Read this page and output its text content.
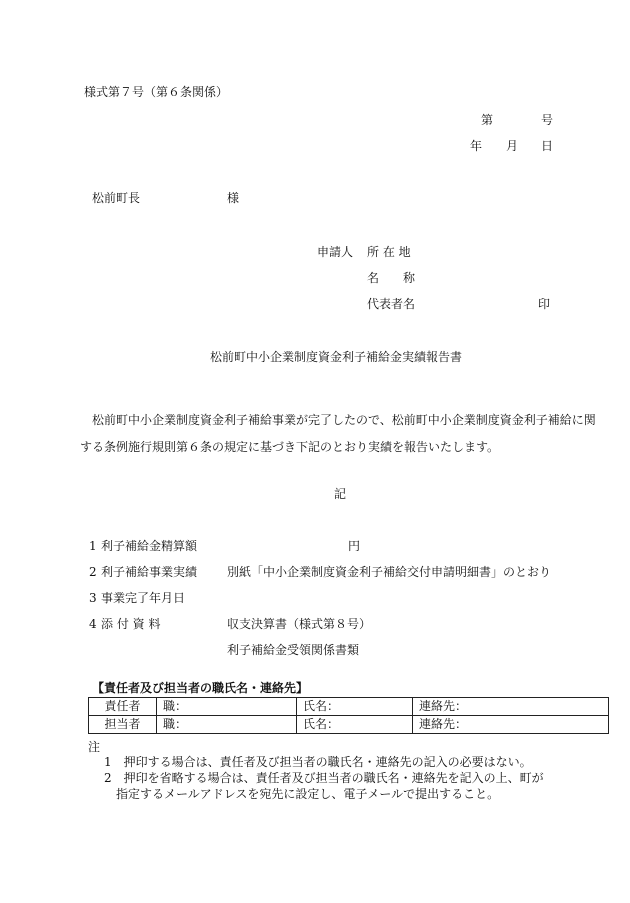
様式第７号（第６条関係）
第	号
年 月 日
松前町長	様
申請人 所 在 地
名　　称
代表者名	印
松前町中小企業制度資金利子補給金実績報告書
松前町中小企業制度資金利子補給事業が完了したので、松前町中小企業制度資金利子補給に関
する条例施行規則第６条の規定に基づき下記のとおり実績を報告いたします。
記
1 利子補給金精算額	円
2 利子補給事業実績 別紙「中小企業制度資金利子補給交付申請明細書」のとおり
3 事業完了年月日
4 添 付 資 料	収支決算書（様式第８号）
利子補給金受領関係書類
【責任者及び担当者の職氏名・連絡先】
責任者	職：	氏名：	連絡先：
担当者	職：	氏名：	連絡先：
注
1　押印する場合は、責任者及び担当者の職氏名・連絡先の記入の必要はない。
2　押印を省略する場合は、責任者及び担当者の職氏名・連絡先を記入の上、町が
指定するメールアドレスを宛先に設定し、電子メールで提出すること。
